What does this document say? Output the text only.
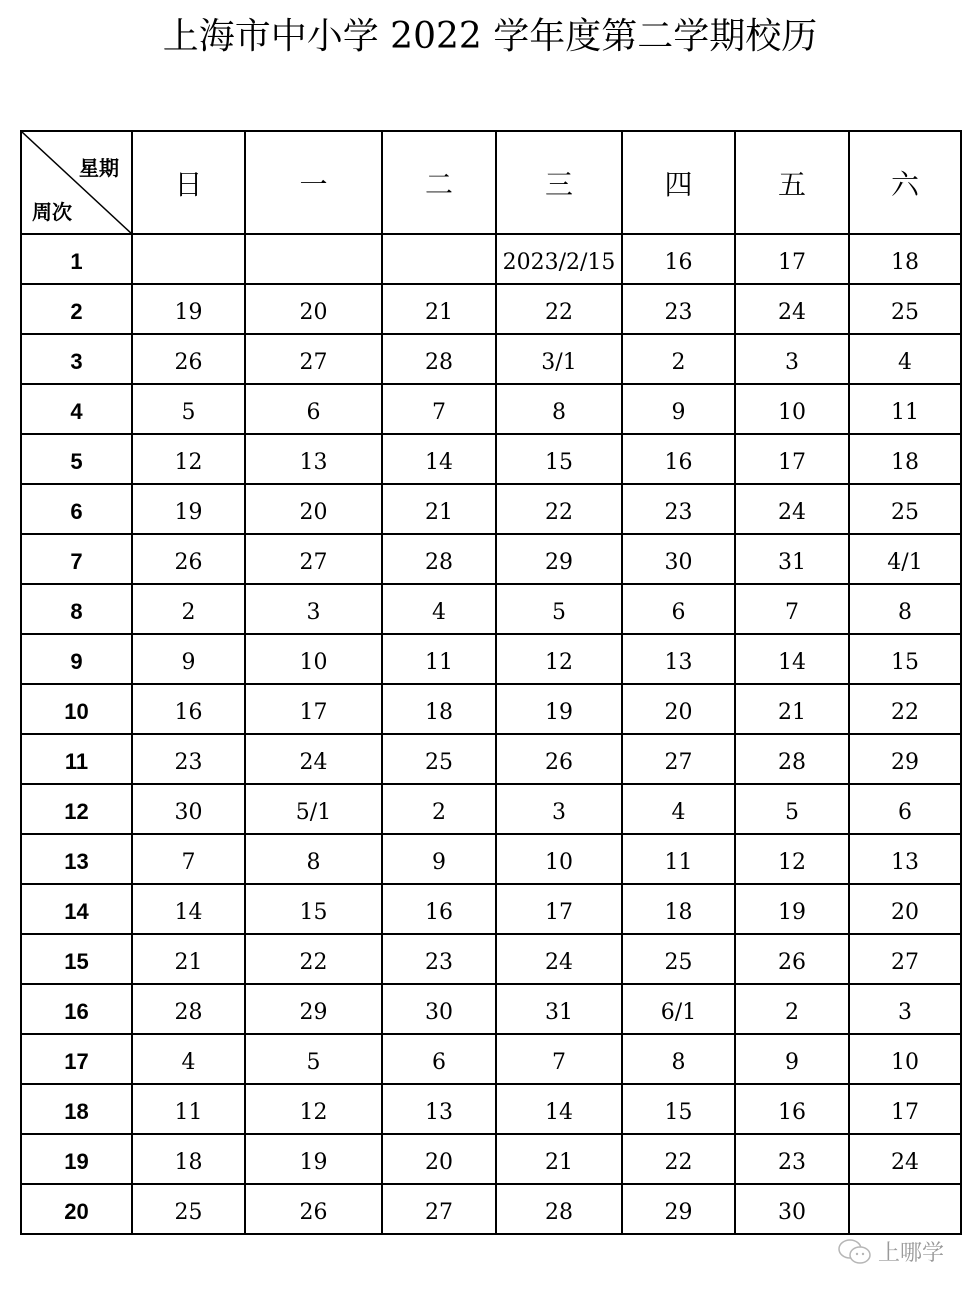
上海市中小学 2022 学年度第二学期校历
星期
周次	日	一	二	三	四	五	六
1				2023/2/15	16	17	18
2	19	20	21	22	23	24	25
3	26	27	28	3/1	2	3	4
4	5	6	7	8	9	10	11
5	12	13	14	15	16	17	18
6	19	20	21	22	23	24	25
7	26	27	28	29	30	31	4/1
8	2	3	4	5	6	7	8
9	9	10	11	12	13	14	15
10	16	17	18	19	20	21	22
11	23	24	25	26	27	28	29
12	30	5/1	2	3	4	5	6
13	7	8	9	10	11	12	13
14	14	15	16	17	18	19	20
15	21	22	23	24	25	26	27
16	28	29	30	31	6/1	2	3
17	4	5	6	7	8	9	10
18	11	12	13	14	15	16	17
19	18	19	20	21	22	23	24
20	25	26	27	28	29	30	
上哪学
